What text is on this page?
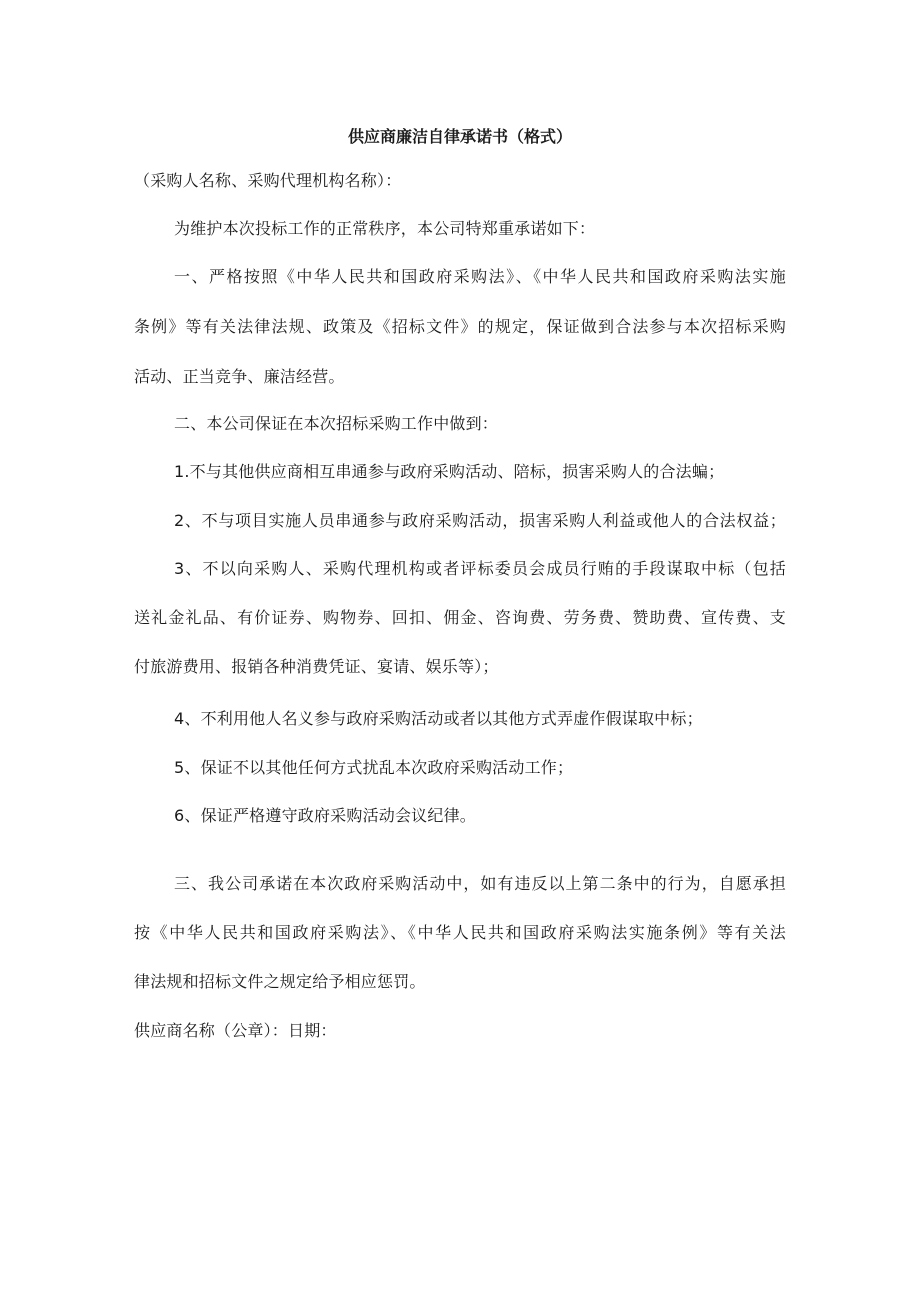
供应商廉洁自律承诺书（格式）
（采购人名称、采购代理机构名称）：
为维护本次投标工作的正常秩序，本公司特郑重承诺如下：
一、严格按照《中华人民共和国政府采购法》、《中华人民共和国政府采购法实施
条例》等有关法律法规、政策及《招标文件》的规定，保证做到合法参与本次招标采购
活动、正当竞争、廉洁经营。
二、本公司保证在本次招标采购工作中做到：
1.不与其他供应商相互串通参与政府采购活动、陪标，损害采购人的合法蝙；
2、不与项目实施人员串通参与政府采购活动，损害采购人利益或他人的合法权益；
3、不以向采购人、采购代理机构或者评标委员会成员行贿的手段谋取中标（包括
送礼金礼品、有价证券、购物券、回扣、佣金、咨询费、劳务费、赞助费、宣传费、支
付旅游费用、报销各种消费凭证、宴请、娱乐等）；
4、不利用他人名义参与政府采购活动或者以其他方式弄虚作假谋取中标；
5、保证不以其他任何方式扰乱本次政府采购活动工作；
6、保证严格遵守政府采购活动会议纪律。
三、我公司承诺在本次政府采购活动中，如有违反以上第二条中的行为，自愿承担
按《中华人民共和国政府采购法》、《中华人民共和国政府采购法实施条例》等有关法
律法规和招标文件之规定给予相应惩罚。
供应商名称（公章）：日期：
